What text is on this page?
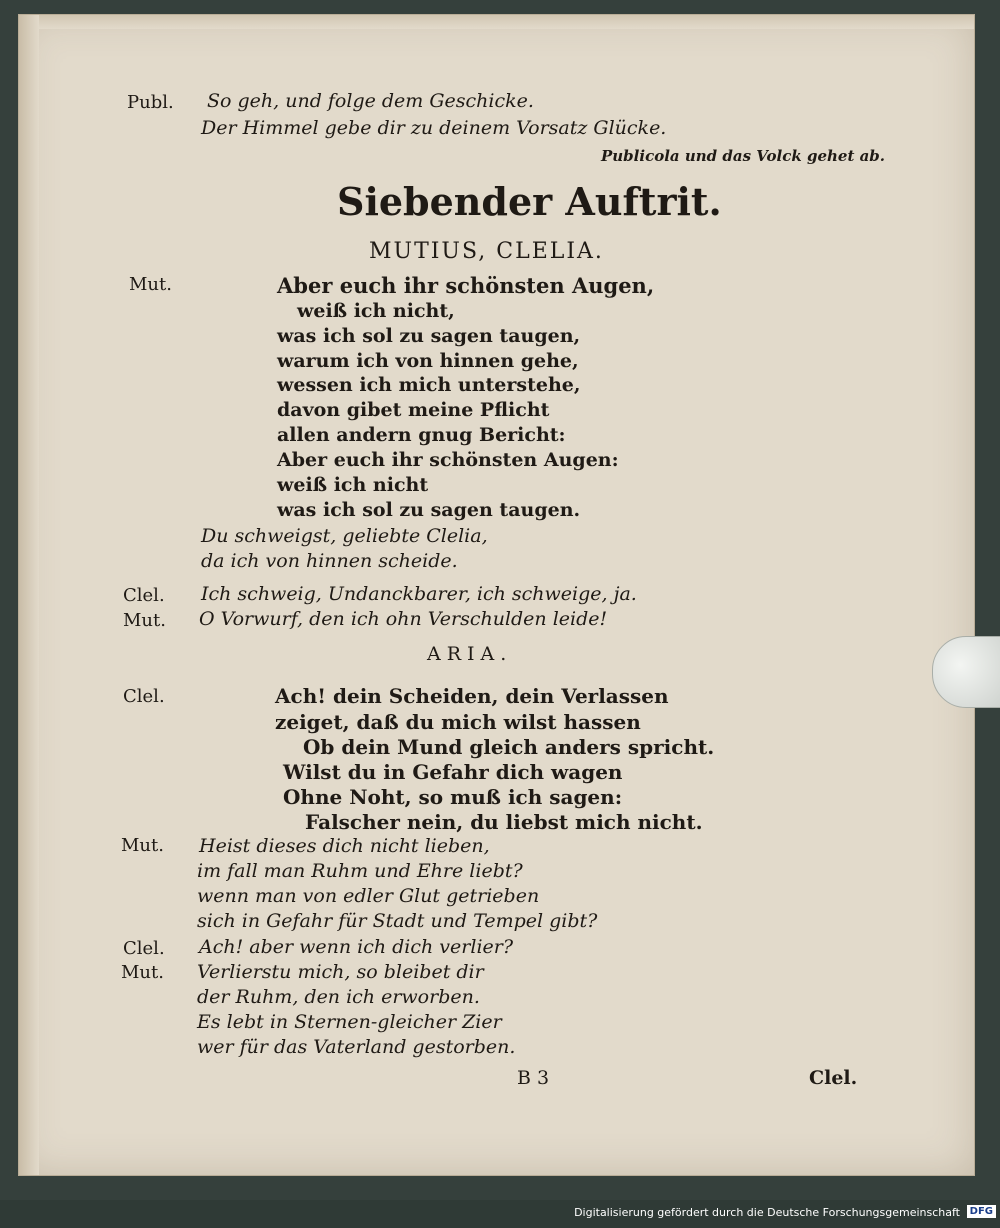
Publ.
Mut.
Clel.
Mut.
Clel.
Mut.
Clel.
Mut.
So geh, und folge dem Geschicke.
Der Himmel gebe dir zu deinem Vorsatz Glücke.
Publicola und das Volck gehet ab.
Siebender Auftrit.
MUTIUS, CLELIA.
Aber euch ihr schönsten Augen,
weiß ich nicht,
was ich sol zu sagen taugen,
warum ich von hinnen gehe,
wessen ich mich unterstehe,
davon gibet meine Pflicht
allen andern gnug Bericht:
Aber euch ihr schönsten Augen:
weiß ich nicht
was ich sol zu sagen taugen.
Du schweigst, geliebte Clelia,
da ich von hinnen scheide.
Ich schweig, Undanckbarer, ich schweige, ja.
O Vorwurf, den ich ohn Verschulden leide!
ARIA.
Ach! dein Scheiden, dein Verlassen
zeiget, daß du mich wilst hassen
Ob dein Mund gleich anders spricht.
Wilst du in Gefahr dich wagen
Ohne Noht, so muß ich sagen:
Falscher nein, du liebst mich nicht.
Heist dieses dich nicht lieben,
im fall man Ruhm und Ehre liebt?
wenn man von edler Glut getrieben
sich in Gefahr für Stadt und Tempel gibt?
Ach! aber wenn ich dich verlier?
Verlierstu mich, so bleibet dir
der Ruhm, den ich erworben.
Es lebt in Sternen-gleicher Zier
wer für das Vaterland gestorben.
B 3	Clel.
Digitalisierung gefördert durch die Deutsche Forschungsgemeinschaft DFG
